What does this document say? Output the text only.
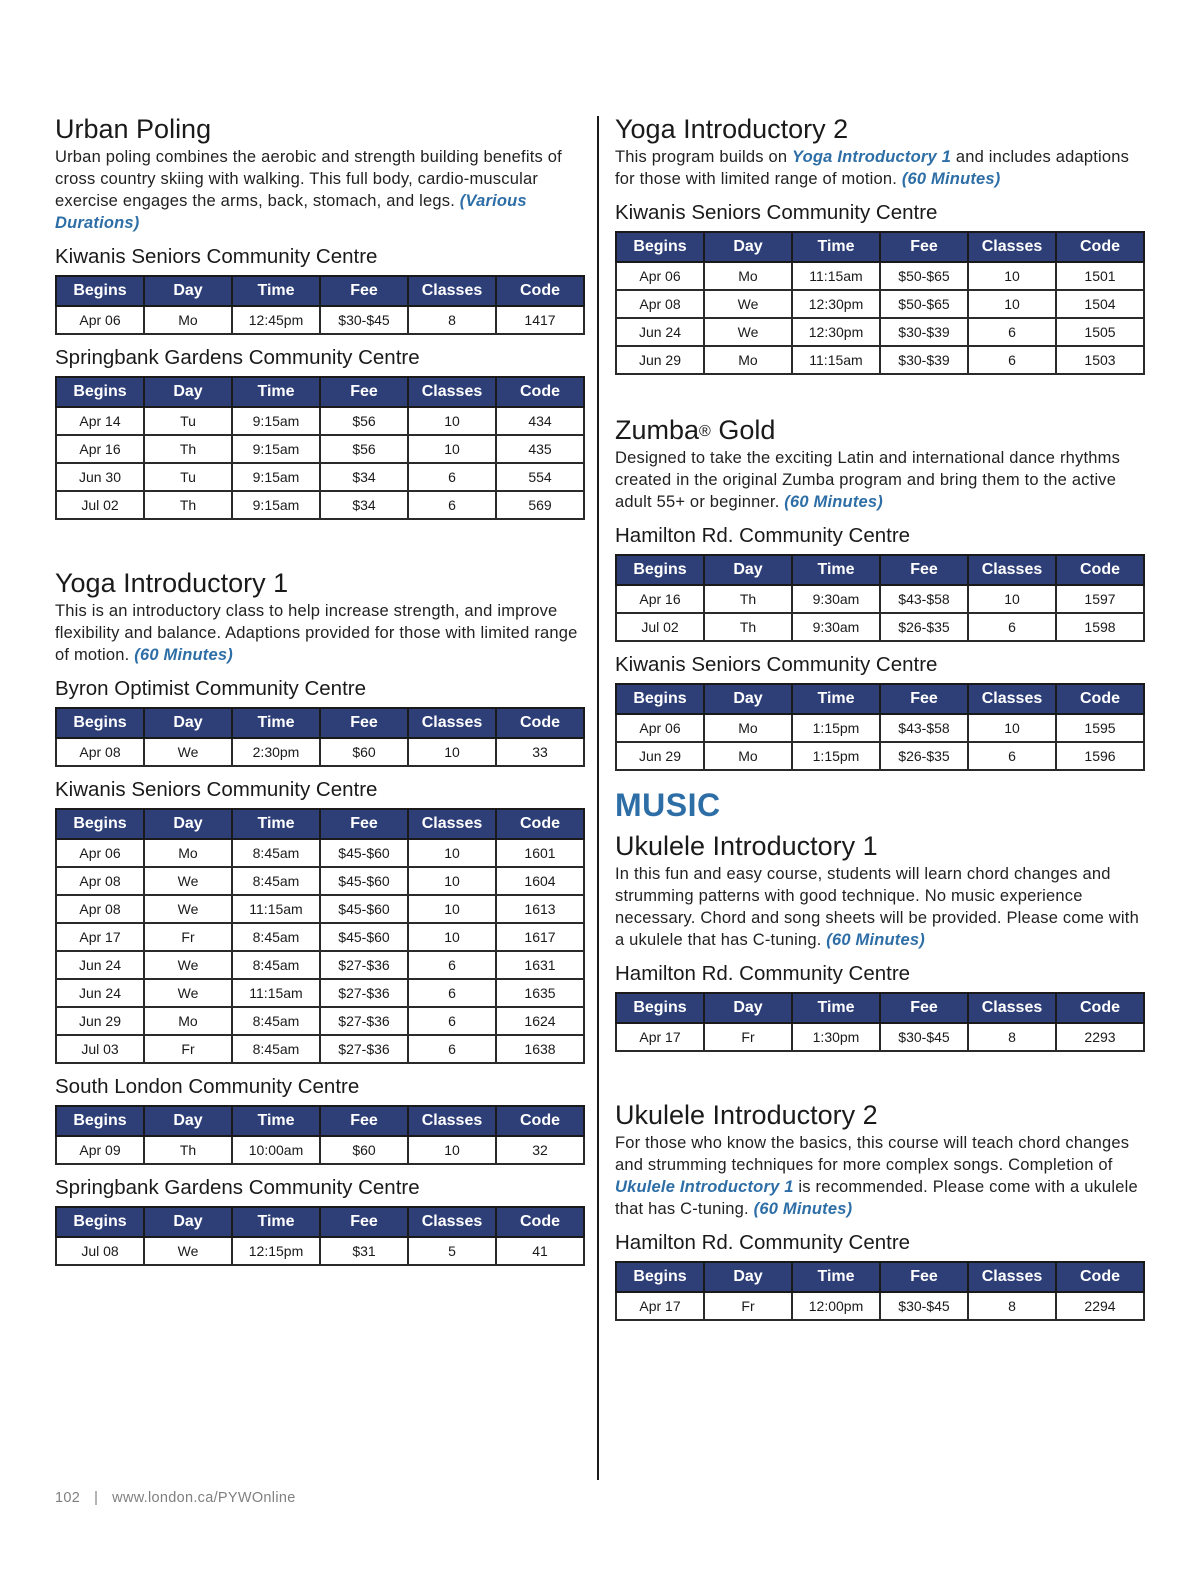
Urban Poling

Urban poling combines the aerobic and strength building benefits of cross country skiing with walking. This full body, cardio-muscular exercise engages the arms, back, stomach, and legs. (Various Durations)

Kiwanis Seniors Community Centre
Begins	Day	Time	Fee	Classes	Code
Apr 06	Mo	12:45pm	$30-$45	8	1417
Springbank Gardens Community Centre
Begins	Day	Time	Fee	Classes	Code
Apr 14	Tu	9:15am	$56	10	434
Apr 16	Th	9:15am	$56	10	435
Jun 30	Tu	9:15am	$34	6	554
Jul 02	Th	9:15am	$34	6	569
Yoga Introductory 1

This is an introductory class to help increase strength, and improve flexibility and balance. Adaptions provided for those with limited range of motion. (60 Minutes)

Byron Optimist Community Centre
Begins	Day	Time	Fee	Classes	Code
Apr 08	We	2:30pm	$60	10	33
Kiwanis Seniors Community Centre
Begins	Day	Time	Fee	Classes	Code
Apr 06	Mo	8:45am	$45-$60	10	1601
Apr 08	We	8:45am	$45-$60	10	1604
Apr 08	We	11:15am	$45-$60	10	1613
Apr 17	Fr	8:45am	$45-$60	10	1617
Jun 24	We	8:45am	$27-$36	6	1631
Jun 24	We	11:15am	$27-$36	6	1635
Jun 29	Mo	8:45am	$27-$36	6	1624
Jul 03	Fr	8:45am	$27-$36	6	1638
South London Community Centre
Begins	Day	Time	Fee	Classes	Code
Apr 09	Th	10:00am	$60	10	32
Springbank Gardens Community Centre
Begins	Day	Time	Fee	Classes	Code
Jul 08	We	12:15pm	$31	5	41
Yoga Introductory 2

This program builds on Yoga Introductory 1 and includes adaptions for those with limited range of motion. (60 Minutes)

Kiwanis Seniors Community Centre
Begins	Day	Time	Fee	Classes	Code
Apr 06	Mo	11:15am	$50-$65	10	1501
Apr 08	We	12:30pm	$50-$65	10	1504
Jun 24	We	12:30pm	$30-$39	6	1505
Jun 29	Mo	11:15am	$30-$39	6	1503
Zumba® Gold

Designed to take the exciting Latin and international dance rhythms created in the original Zumba program and bring them to the active adult 55+ or beginner. (60 Minutes)

Hamilton Rd. Community Centre
Begins	Day	Time	Fee	Classes	Code
Apr 16	Th	9:30am	$43-$58	10	1597
Jul 02	Th	9:30am	$26-$35	6	1598
Kiwanis Seniors Community Centre
Begins	Day	Time	Fee	Classes	Code
Apr 06	Mo	1:15pm	$43-$58	10	1595
Jun 29	Mo	1:15pm	$26-$35	6	1596
MUSIC
Ukulele Introductory 1

In this fun and easy course, students will learn chord changes and strumming patterns with good technique. No music experience necessary. Chord and song sheets will be provided. Please come with a ukulele that has C-tuning. (60 Minutes)

Hamilton Rd. Community Centre
Begins	Day	Time	Fee	Classes	Code
Apr 17	Fr	1:30pm	$30-$45	8	2293
Ukulele Introductory 2

For those who know the basics, this course will teach chord changes and strumming techniques for more complex songs. Completion of Ukulele Introductory 1 is recommended. Please come with a ukulele that has C-tuning. (60 Minutes)

Hamilton Rd. Community Centre
Begins	Day	Time	Fee	Classes	Code
Apr 17	Fr	12:00pm	$30-$45	8	2294
102 | www.london.ca/PYWOnline
